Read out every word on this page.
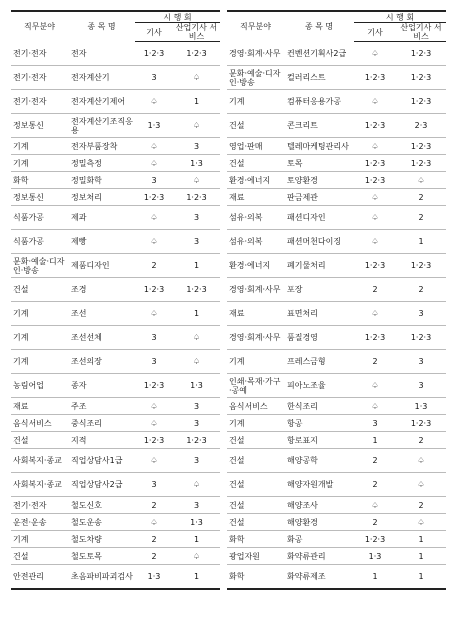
직무분야	종 목 명	시 행 회	
		기사	산업기사 서비스
전기·전자	전자	1·2·3	1·2·3
전기·전자	전자계산기	3	♤
전기·전자	전자계산기제어	♤	1
정보통신	전자계산기조직응용	1·3	♤
기계	전자부품장착	♤	3
기계	정밀측정	♤	1·3
화학	정밀화학	3	♤
정보통신	정보처리	1·2·3	1·2·3
식품가공	제과	♤	3
식품가공	제빵	♤	3
문화·예술·디자인·방송	제품디자인	2	1
건설	조경	1·2·3	1·2·3
기계	조선	♤	1
기계	조선선체	3	♤
기계	조선의장	3	♤
농림어업	종자	1·2·3	1·3
재료	주조	♤	3
음식서비스	중식조리	♤	3
건설	지적	1·2·3	1·2·3
사회복지·종교	직업상담사1급	♤	3
사회복지·종교	직업상담사2급	3	♤
전기·전자	철도신호	2	3
운전·운송	철도운송	♤	1·3
기계	철도차량	2	1
건설	철도토목	2	♤
안전관리	초음파비파괴검사	1·3	1
직무분야	종 목 명	시 행 회	
		기사	산업기사 서비스
경영·회계·사무	컨벤션기획사2급	♤	1·2·3
문화·예술·디자인·방송	컬러리스트	1·2·3	1·2·3
기계	컴퓨터응용가공	♤	1·2·3
건설	콘크리트	1·2·3	2·3
영업·판매	텔레마케팅관리사	♤	1·2·3
건설	토목	1·2·3	1·2·3
환경·에너지	토양환경	1·2·3	♤
재료	판금제관	♤	2
섬유·의복	패션디자인	♤	2
섬유·의복	패션머천다이징	♤	1
환경·에너지	폐기물처리	1·2·3	1·2·3
경영·회계·사무	포장	2	2
재료	표면처리	♤	3
경영·회계·사무	품질경영	1·2·3	1·2·3
기계	프레스금형	2	3
인쇄·목재·가구·공예	피아노조율	♤	3
음식서비스	한식조리	♤	1·3
기계	항공	3	1·2·3
건설	항로표지	1	2
건설	해양공학	2	♤
건설	해양자원개발	2	♤
건설	해양조사	♤	2
건설	해양환경	2	♤
화학	화공	1·2·3	1
광업자원	화약류관리	1·3	1
화학	화약류제조	1	1
